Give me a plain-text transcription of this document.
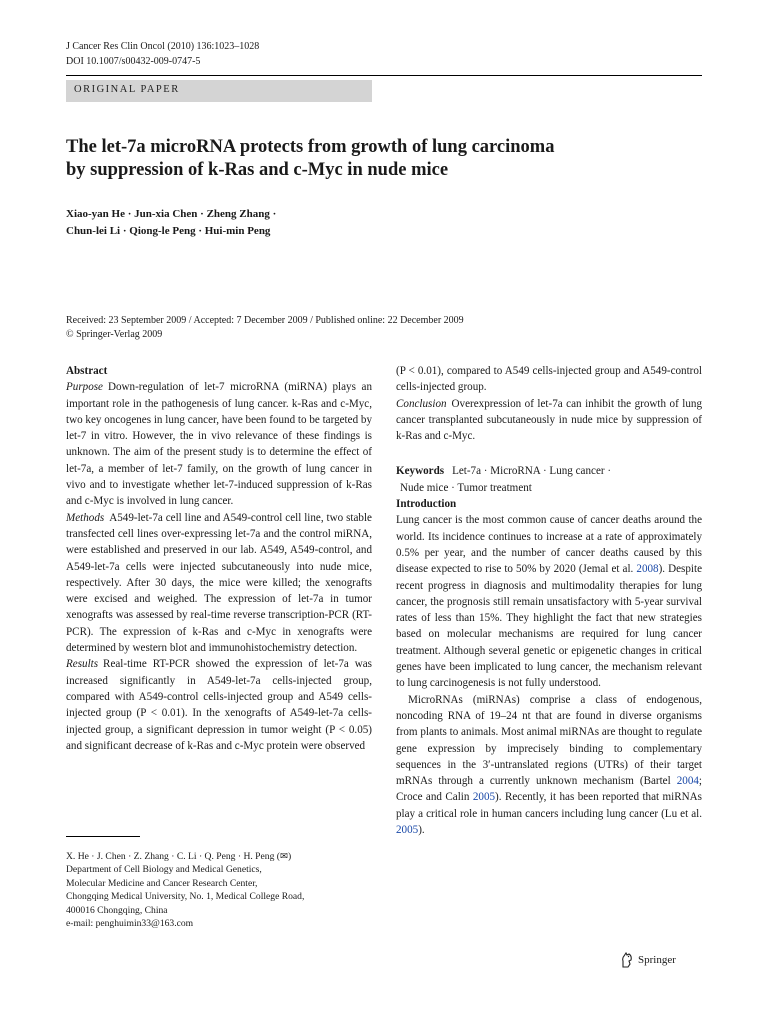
J Cancer Res Clin Oncol (2010) 136:1023–1028
DOI 10.1007/s00432-009-0747-5
ORIGINAL PAPER
The let-7a microRNA protects from growth of lung carcinoma
by suppression of k-Ras and c-Myc in nude mice
Xiao-yan He · Jun-xia Chen · Zheng Zhang ·
Chun-lei Li · Qiong-le Peng · Hui-min Peng
Received: 23 September 2009 / Accepted: 7 December 2009 / Published online: 22 December 2009
© Springer-Verlag 2009

Abstract

Purpose Down-regulation of let-7 microRNA (miRNA) plays an important role in the pathogenesis of lung cancer. k-Ras and c-Myc, two key oncogenes in lung cancer, have been found to be targeted by let-7 in vitro. However, the in vivo relevance of these findings is unknown. The aim of the present study is to determine the effect of let-7a, a member of let-7 family, on the growth of lung cancer in vivo and to investigate whether let-7-induced suppression of k-Ras and c-Myc is involved in lung cancer.

Methods A549-let-7a cell line and A549-control cell line, two stable transfected cell lines over-expressing let-7a and the control miRNA, were established and preserved in our lab. A549, A549-control, and A549-let-7a cells were injected subcutaneously into nude mice, respectively. After 30 days, the mice were killed; the xenografts were excised and weighed. The expression of let-7a in tumor xenografts was assessed by real-time reverse transcription-PCR (RT-PCR). The expression of k-Ras and c-Myc in xenografts were determined by western blot and immunohistochemistry detection.

Results Real-time RT-PCR showed the expression of let-7a was increased significantly in A549-let-7a cells-injected group, compared with A549-control cells-injected group and A549 cells-injected group (P < 0.01). In the xenografts of A549-let-7a cells-injected group, a significant depression in tumor weight (P < 0.05) and significant decrease of k-Ras and c-Myc protein were observed

X. He · J. Chen · Z. Zhang · C. Li · Q. Peng · H. Peng (✉)
Department of Cell Biology and Medical Genetics,
Molecular Medicine and Cancer Research Center,
Chongqing Medical University, No. 1, Medical College Road,
400016 Chongqing, China
e-mail: penghuimin33@163.com

(P < 0.01), compared to A549 cells-injected group and A549-control cells-injected group.

Conclusion Overexpression of let-7a can inhibit the growth of lung cancer transplanted subcutaneously in nude mice by suppression of k-Ras and c-Myc.

Keywords Let-7a · MicroRNA · Lung cancer ·
Nude mice · Tumor treatment

Introduction

Lung cancer is the most common cause of cancer deaths around the world. Its incidence continues to increase at a rate of approximately 0.5% per year, and the number of cancer deaths caused by this disease expected to rise to 50% by 2020 (Jemal et al. 2008). Despite recent progress in diagnosis and multimodality therapies for lung cancer, the prognosis still remain unsatisfactory with 5-year survival rates of less than 15%. They highlight the fact that new strategies based on molecular mechanisms are required for lung cancer treatment. Although several genetic or epigenetic changes in critical genes have been implicated to lung cancer, the mechanism relevant to lung carcinogenesis is not fully understood.

MicroRNAs (miRNAs) comprise a class of endogenous, noncoding RNA of 19–24 nt that are found in diverse organisms from plants to animals. Most animal miRNAs are thought to regulate gene expression by imprecisely binding to complementary sequences in the 3′-untranslated regions (UTRs) of their target mRNAs through a currently unknown mechanism (Bartel 2004; Croce and Calin 2005). Recently, it has been reported that miRNAs play a critical role in human cancers including lung cancer (Lu et al. 2005).

Springer
